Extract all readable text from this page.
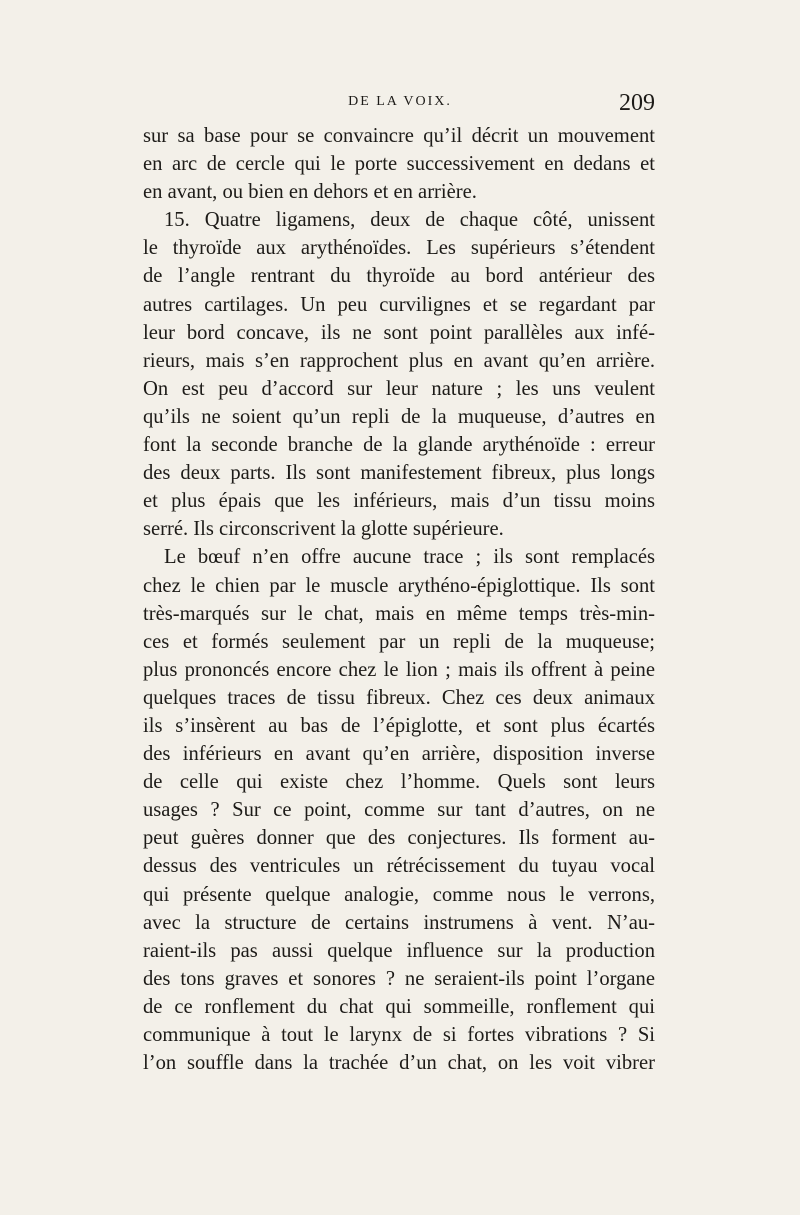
DE LA VOIX.	209
sur sa base pour se convaincre qu’il décrit un mouvement
en arc de cercle qui le porte successivement en dedans et
en avant, ou bien en dehors et en arrière.
15. Quatre ligamens, deux de chaque côté, unissent
le thyroïde aux arythénoïdes. Les supérieurs s’étendent
de l’angle rentrant du thyroïde au bord antérieur des
autres cartilages. Un peu curvilignes et se regardant par
leur bord concave, ils ne sont point parallèles aux infé-
rieurs, mais s’en rapprochent plus en avant qu’en arrière.
On est peu d’accord sur leur nature ; les uns veulent
qu’ils ne soient qu’un repli de la muqueuse, d’autres en
font la seconde branche de la glande arythénoïde : erreur
des deux parts. Ils sont manifestement fibreux, plus longs
et plus épais que les inférieurs, mais d’un tissu moins
serré. Ils circonscrivent la glotte supérieure.
Le bœuf n’en offre aucune trace ; ils sont remplacés
chez le chien par le muscle arythéno-épiglottique. Ils sont
très-marqués sur le chat, mais en même temps très-min-
ces et formés seulement par un repli de la muqueuse;
plus prononcés encore chez le lion ; mais ils offrent à peine
quelques traces de tissu fibreux. Chez ces deux animaux
ils s’insèrent au bas de l’épiglotte, et sont plus écartés
des inférieurs en avant qu’en arrière, disposition inverse
de celle qui existe chez l’homme. Quels sont leurs
usages ? Sur ce point, comme sur tant d’autres, on ne
peut guères donner que des conjectures. Ils forment au-
dessus des ventricules un rétrécissement du tuyau vocal
qui présente quelque analogie, comme nous le verrons,
avec la structure de certains instrumens à vent. N’au-
raient-ils pas aussi quelque influence sur la production
des tons graves et sonores ? ne seraient-ils point l’organe
de ce ronflement du chat qui sommeille, ronflement qui
communique à tout le larynx de si fortes vibrations ? Si
l’on souffle dans la trachée d’un chat, on les voit vibrer
